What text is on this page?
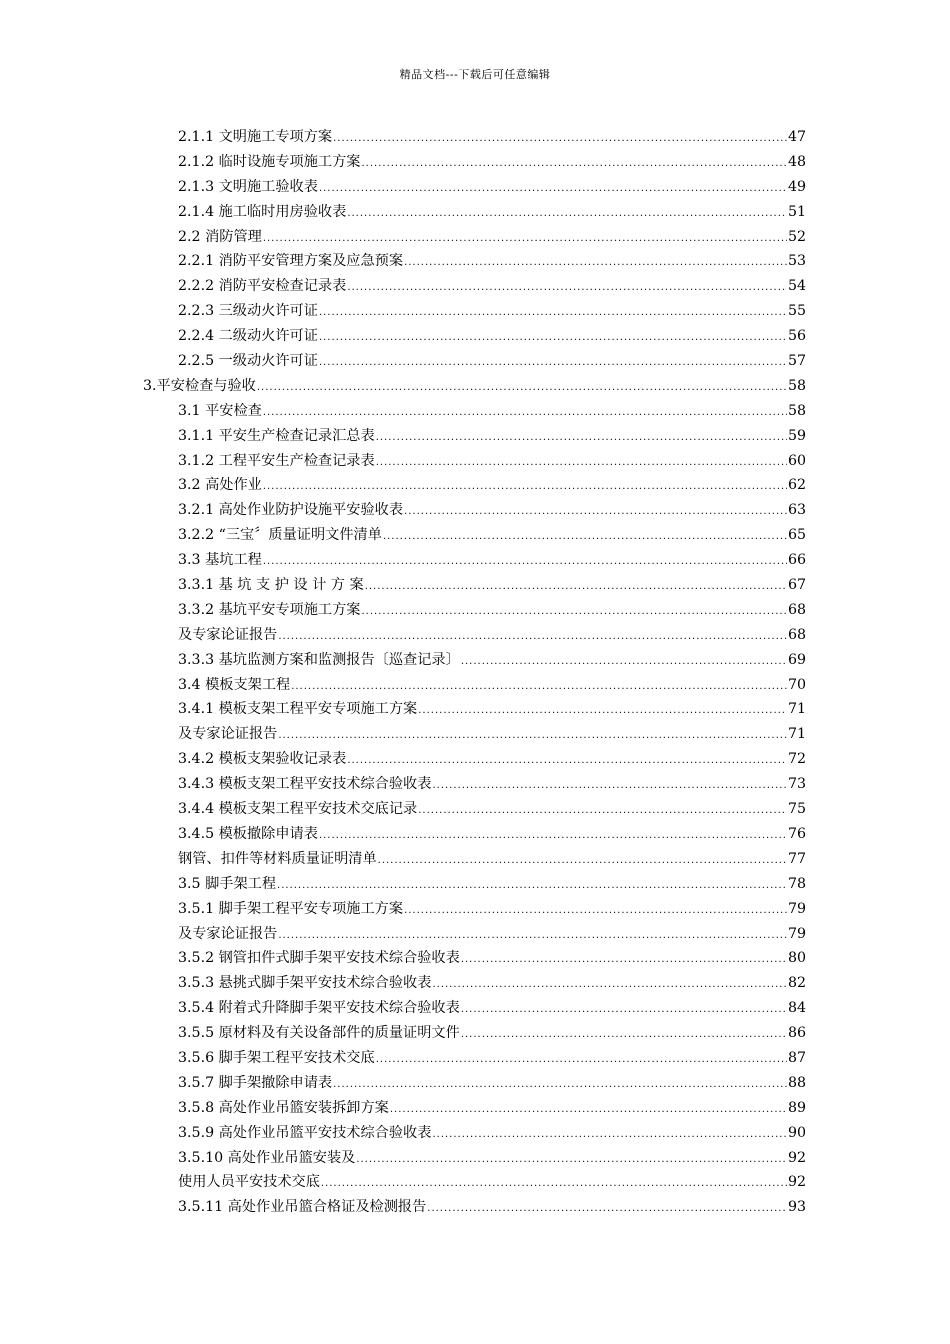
精品文档---下载后可任意编辑
2.1.1 文明施工专项方案 .....	47
2.1.2 临时设施专项施工方案 .....	48
2.1.3 文明施工验收表 .....	49
2.1.4 施工临时用房验收表 .....	51
2.2 消防管理 .....	52
2.2.1 消防平安管理方案及应急预案 .....	53
2.2.2 消防平安检查记录表 .....	54
2.2.3 三级动火许可证 .....	55
2.2.4 二级动火许可证 .....	56
2.2.5 一级动火许可证 .....	57
3.平安检查与验收 .....	58
3.1 平安检查 .....	58
3.1.1 平安生产检查记录汇总表 .....	59
3.1.2 工程平安生产检查记录表 .....	60
3.2 高处作业 .....	62
3.2.1 高处作业防护设施平安验收表 .....	63
3.2.2 “三宝〞质量证明文件清单 .....	65
3.3 基坑工程 .....	66
3.3.1 基 坑 支 护 设 计 方 案 .....	67
3.3.2 基坑平安专项施工方案 .....	68
及专家论证报告 .....	68
3.3.3 基坑监测方案和监测报告〔巡查记录〕 .....	69
3.4 模板支架工程 .....	70
3.4.1 模板支架工程平安专项施工方案 .....	71
及专家论证报告 .....	71
3.4.2 模板支架验收记录表 .....	72
3.4.3 模板支架工程平安技术综合验收表 .....	73
3.4.4 模板支架工程平安技术交底记录 .....	75
3.4.5 模板撤除申请表 .....	76
钢管、扣件等材料质量证明清单 .....	77
3.5 脚手架工程 .....	78
3.5.1 脚手架工程平安专项施工方案 .....	79
及专家论证报告 .....	79
3.5.2 钢管扣件式脚手架平安技术综合验收表 .....	80
3.5.3 悬挑式脚手架平安技术综合验收表 .....	82
3.5.4 附着式升降脚手架平安技术综合验收表 .....	84
3.5.5 原材料及有关设备部件的质量证明文件 .....	86
3.5.6 脚手架工程平安技术交底 .....	87
3.5.7 脚手架撤除申请表 .....	88
3.5.8 高处作业吊篮安装拆卸方案 .....	89
3.5.9 高处作业吊篮平安技术综合验收表 .....	90
3.5.10 高处作业吊篮安装及 .....	92
使用人员平安技术交底 .....	92
3.5.11 高处作业吊篮合格证及检测报告 .....	93
